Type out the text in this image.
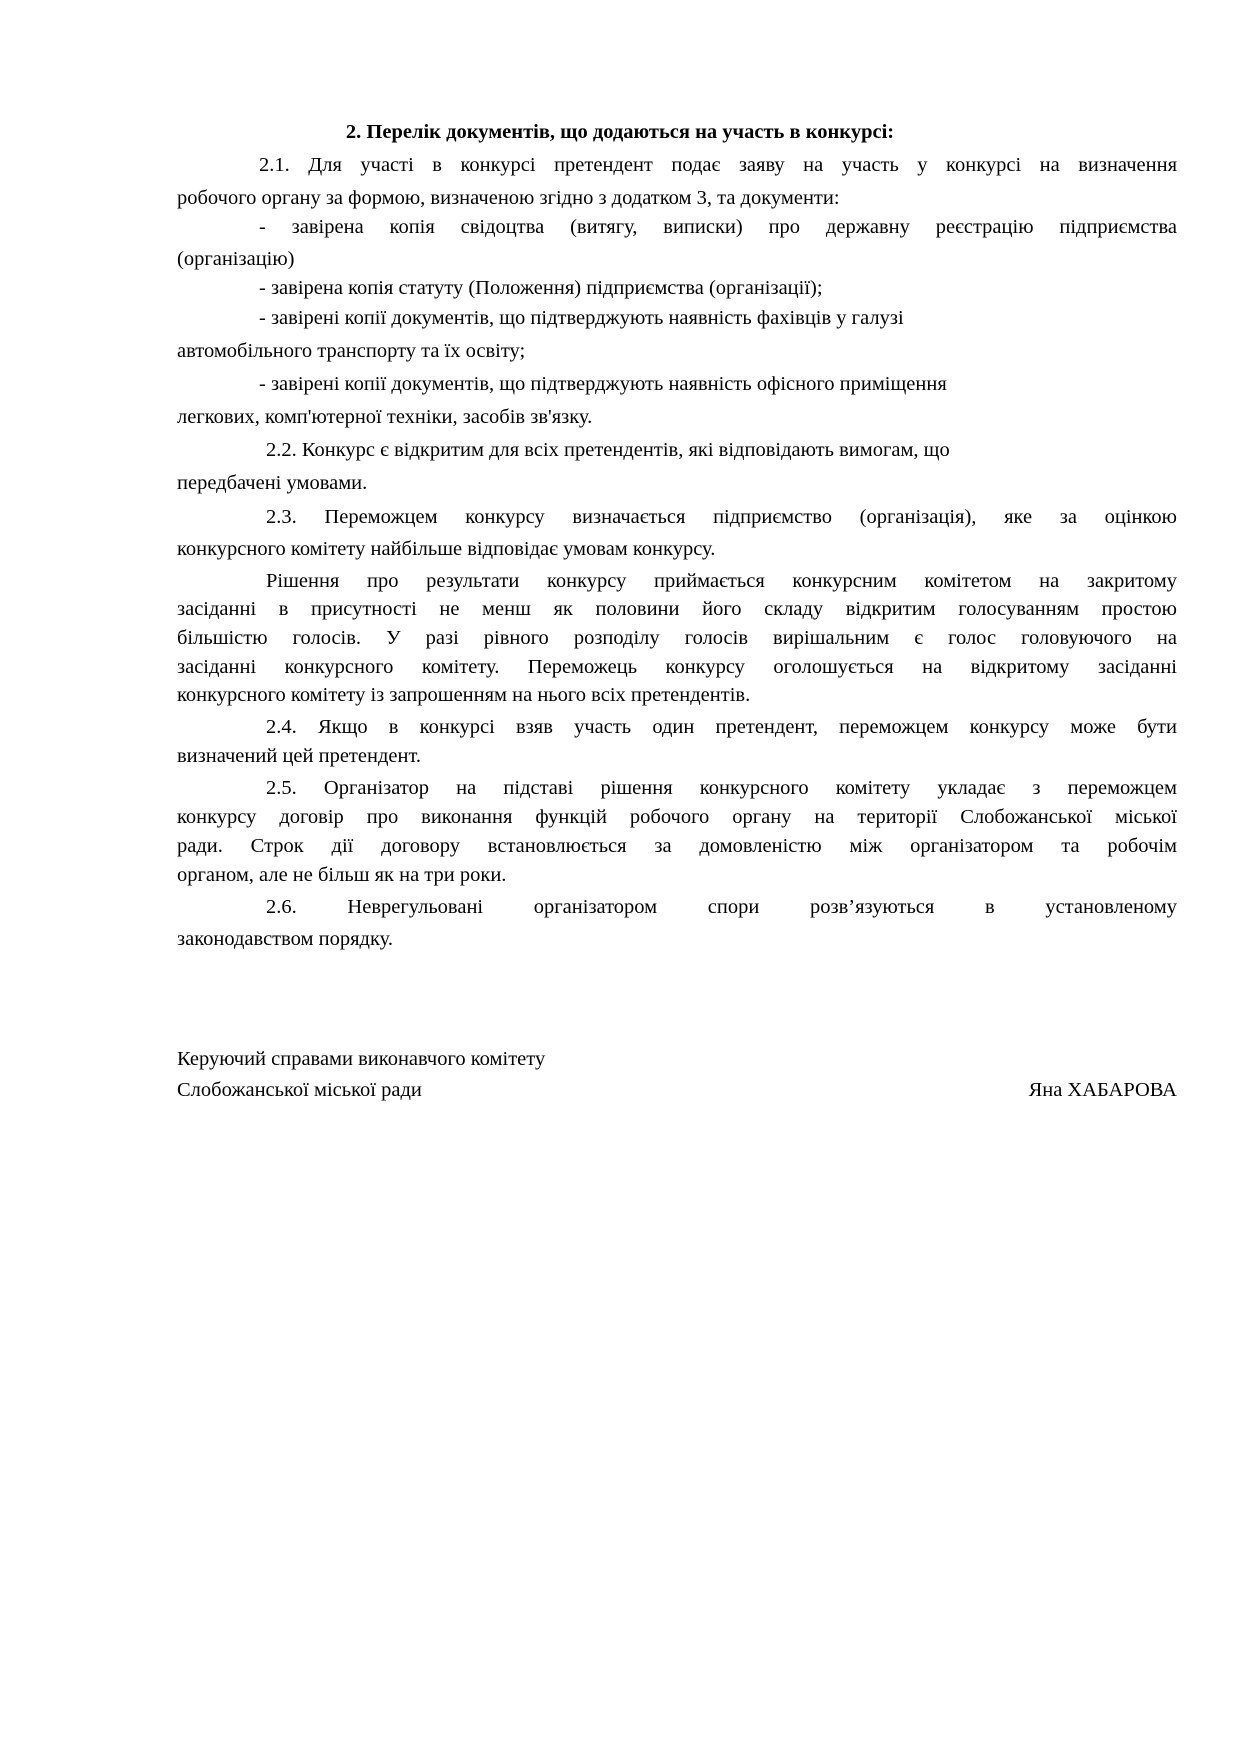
2. Перелік документів, що додаються на участь в конкурсі:
2.1. Для участі в конкурсі претендент подає заяву на участь у конкурсі на визначення
робочого органу за формою, визначеною згідно з додатком 3, та документи:
- завірена копія свідоцтва (витягу, виписки) про державну реєстрацію підприємства
(організацію)
- завірена копія статуту (Положення) підприємства (організації);
- завірені копії документів, що підтверджують наявність фахівців у галузі
автомобільного транспорту та їх освіту;
- завірені копії документів, що підтверджують наявність офісного приміщення
легкових, комп'ютерної техніки, засобів зв'язку.
2.2. Конкурс є відкритим для всіх претендентів, які відповідають вимогам, що
передбачені умовами.
2.3. Переможцем конкурсу визначається підприємство (організація), яке за оцінкою
конкурсного комітету найбільше відповідає умовам конкурсу.
Рішення про результати конкурсу приймається конкурсним комітетом на закритому
засіданні в присутності не менш як половини його складу відкритим голосуванням простою
більшістю голосів. У разі рівного розподілу голосів вирішальним є голос головуючого на
засіданні конкурсного комітету. Переможець конкурсу оголошується на відкритому засіданні
конкурсного комітету із запрошенням на нього всіх претендентів.
2.4. Якщо в конкурсі взяв участь один претендент, переможцем конкурсу може бути
визначений цей претендент.
2.5. Організатор на підставі рішення конкурсного комітету укладає з переможцем
конкурсу договір про виконання функцій робочого органу на території Слобожанської міської
ради. Строк дії договору встановлюється за домовленістю між організатором та робочім
органом, але не більш як на три роки.
2.6. Неврегульовані організатором спори розв’язуються в установленому
законодавством порядку.
Керуючий справами виконавчого комітету
Слобожанської міської ради	Яна ХАБАРОВА
